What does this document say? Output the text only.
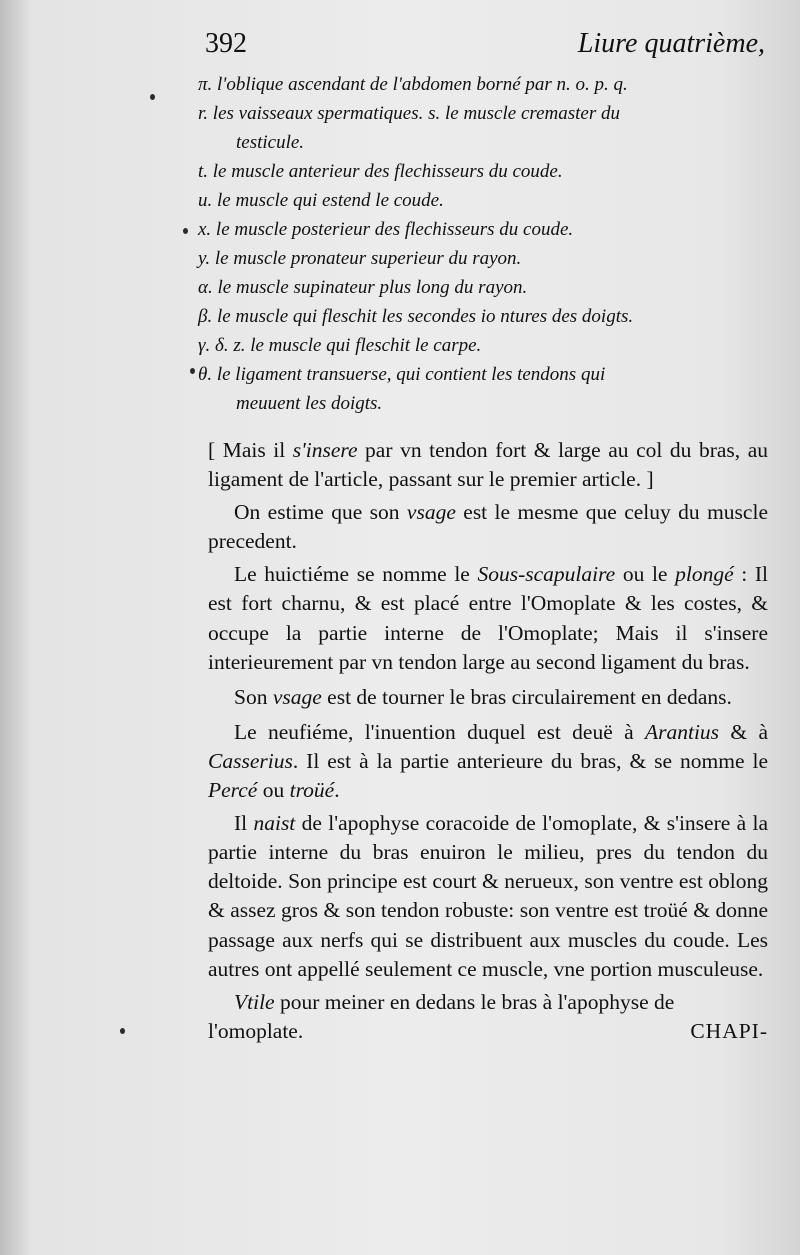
392	Liure quatrième,
π. l'oblique ascendant de l'abdomen borné par n. o. p. q.
r. les vaisseaux spermatiques. s. le muscle cremaster du
testicule.
t. le muscle anterieur des flechisseurs du coude.
u. le muscle qui estend le coude.
x. le muscle posterieur des flechisseurs du coude.
y. le muscle pronateur superieur du rayon.
α. le muscle supinateur plus long du rayon.
β. le muscle qui fleschit les secondes io ntures des doigts.
γ. δ. z. le muscle qui fleschit le carpe.
θ. le ligament transuerse, qui contient les tendons qui
meuuent les doigts.

[ Mais il s'insere par vn tendon fort & large au col du bras, au ligament de l'article, passant sur le premier article. ]

On estime que son vsage est le mesme que celuy du muscle precedent.

Le huictiéme se nomme le Sous-scapulaire ou le plongé : Il est fort charnu, & est placé entre l'Omoplate & les costes, & occupe la partie interne de l'Omoplate; Mais il s'insere interieurement par vn tendon large au second ligament du bras.

Son vsage est de tourner le bras circulairement en dedans.

Le neufiéme, l'inuention duquel est deuë à Arantius & à Casserius. Il est à la partie anterieure du bras, & se nomme le Percé ou troüé.

Il naist de l'apophyse coracoide de l'omoplate, & s'insere à la partie interne du bras enuiron le milieu, pres du tendon du deltoide. Son principe est court & nerueux, son ventre est oblong & assez gros & son tendon robuste: son ventre est troüé & donne passage aux nerfs qui se distribuent aux muscles du coude. Les autres ont appellé seulement ce muscle, vne portion musculeuse.

Vtile pour meiner en dedans le bras à l'apophyse de

l'omoplate.	CHAPI-
